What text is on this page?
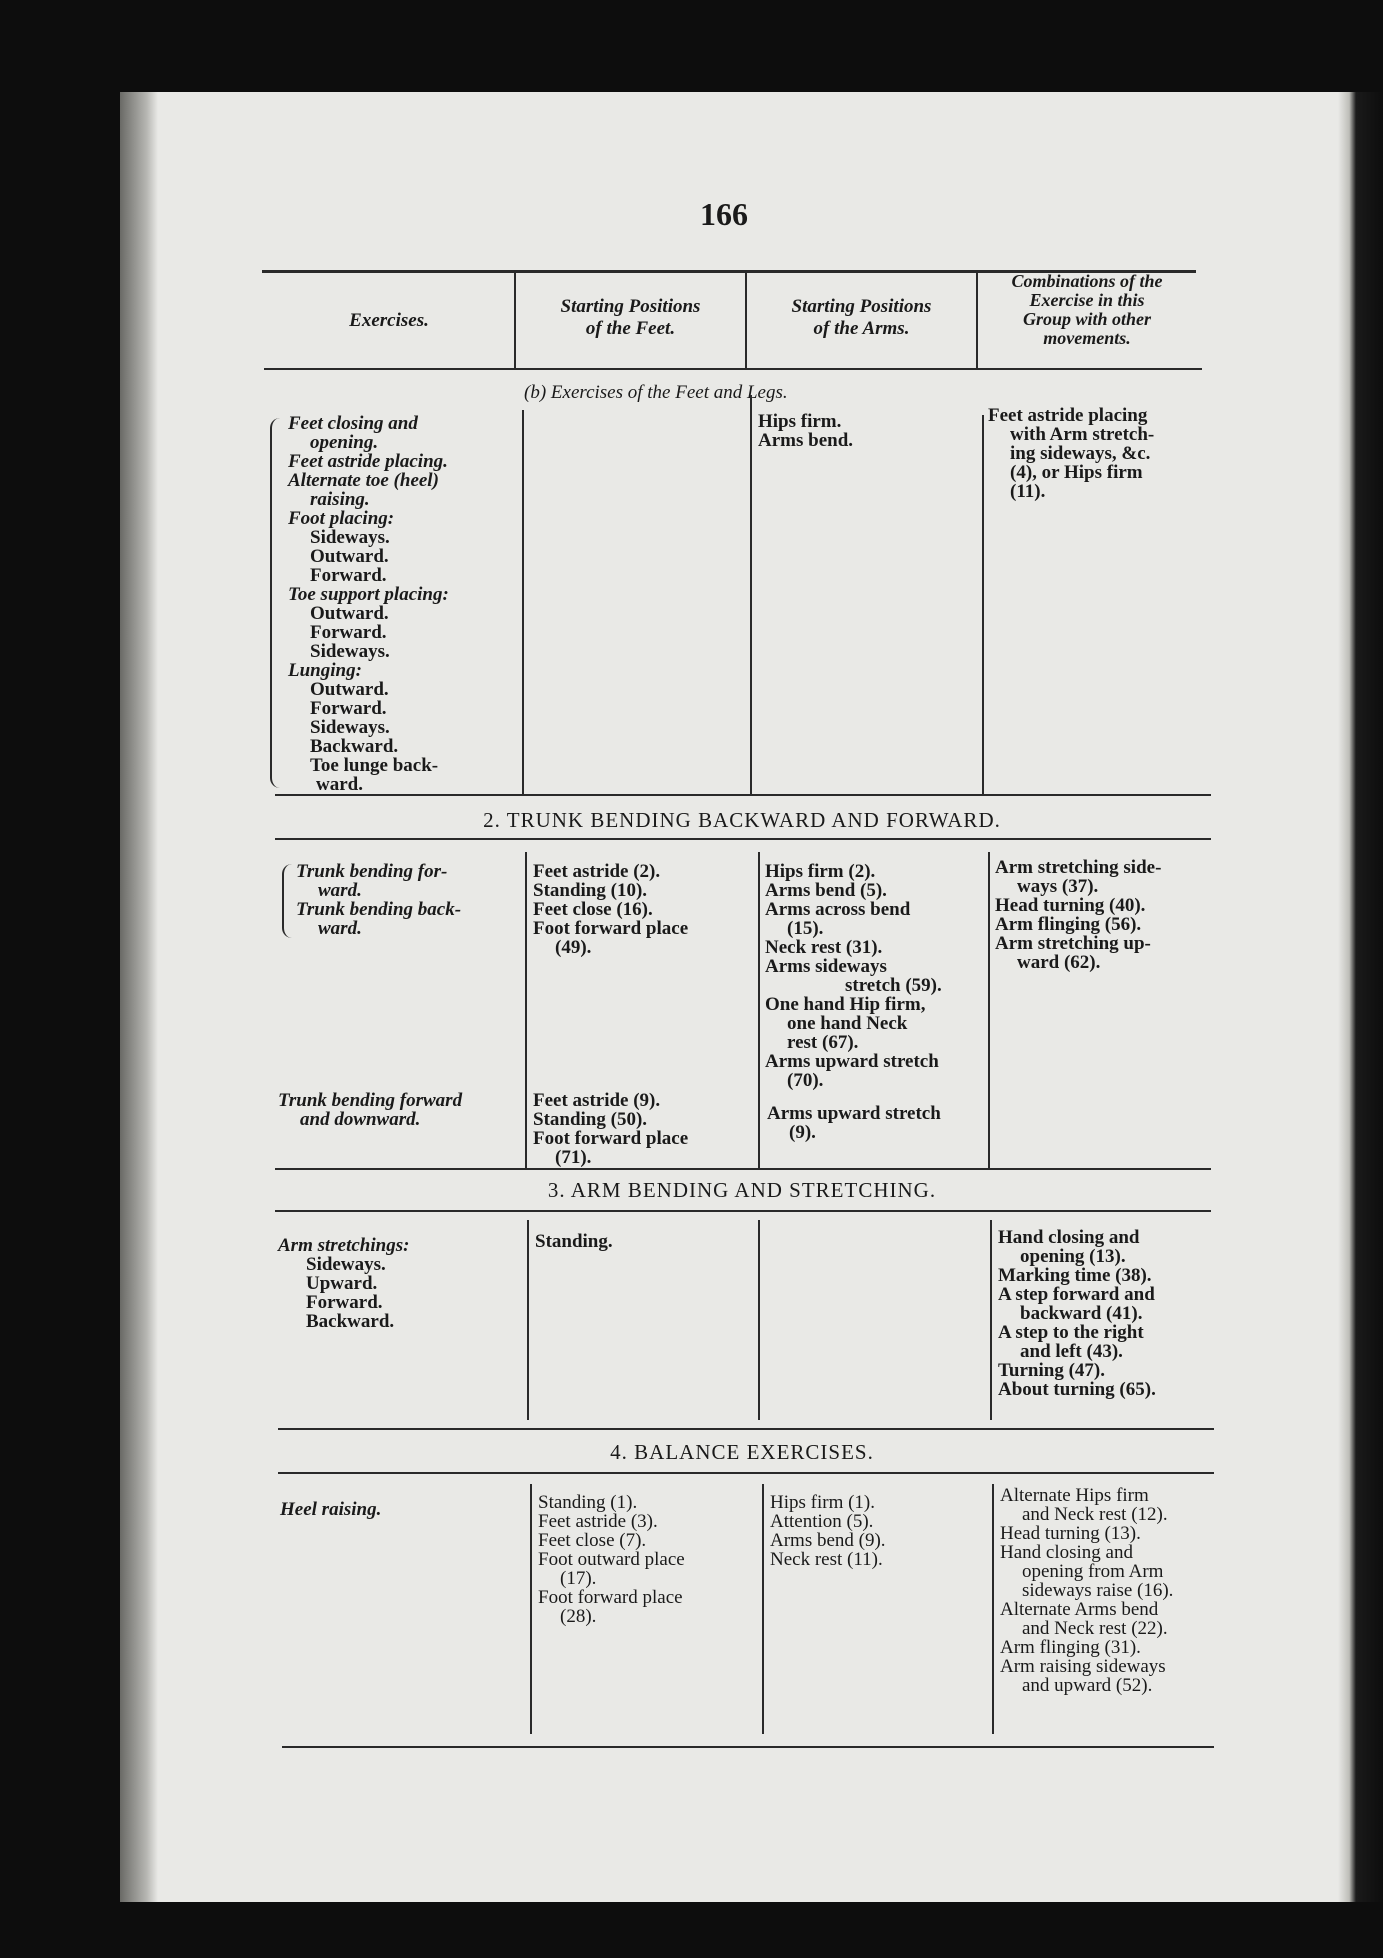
166
Exercises.
Starting Positions
of the Feet.
Starting Positions
of the Arms.
Combinations of the
Exercise in this
Group with other
movements.
(b) Exercises of the Feet and Legs.
Feet closing and
opening.
Feet astride placing.
Alternate toe (heel)
raising.
Foot placing:
Sideways.
Outward.
Forward.
Toe support placing:
Outward.
Forward.
Sideways.
Lunging:
Outward.
Forward.
Sideways.
Backward.
Toe lunge back-
ward.
Hips firm.
Arms bend.
Feet astride placing
with Arm stretch-
ing sideways, &c.
(4), or Hips firm
(11).
2. TRUNK BENDING BACKWARD AND FORWARD.
Trunk bending for-
ward.
Trunk bending back-
ward.
Feet astride (2).
Standing (10).
Feet close (16).
Foot forward place
(49).
Hips firm (2).
Arms bend (5).
Arms across bend
(15).
Neck rest (31).
Arms sideways
stretch (59).
One hand Hip firm,
one hand Neck
rest (67).
Arms upward stretch
(70).
Arm stretching side-
ways (37).
Head turning (40).
Arm flinging (56).
Arm stretching up-
ward (62).
Trunk bending forward
and downward.
Feet astride (9).
Standing (50).
Foot forward place
(71).
Arms upward stretch
(9).
3. ARM BENDING AND STRETCHING.
Arm stretchings:
Sideways.
Upward.
Forward.
Backward.
Standing.	Hand closing and
opening (13).
Marking time (38).
A step forward and
backward (41).
A step to the right
and left (43).
Turning (47).
About turning (65).
4. BALANCE EXERCISES.
Heel raising.	Standing (1).
Feet astride (3).
Feet close (7).
Foot outward place
(17).
Foot forward place
(28).
Hips firm (1).
Attention (5).
Arms bend (9).
Neck rest (11).
Alternate Hips firm
and Neck rest (12).
Head turning (13).
Hand closing and
opening from Arm
sideways raise (16).
Alternate Arms bend
and Neck rest (22).
Arm flinging (31).
Arm raising sideways
and upward (52).
